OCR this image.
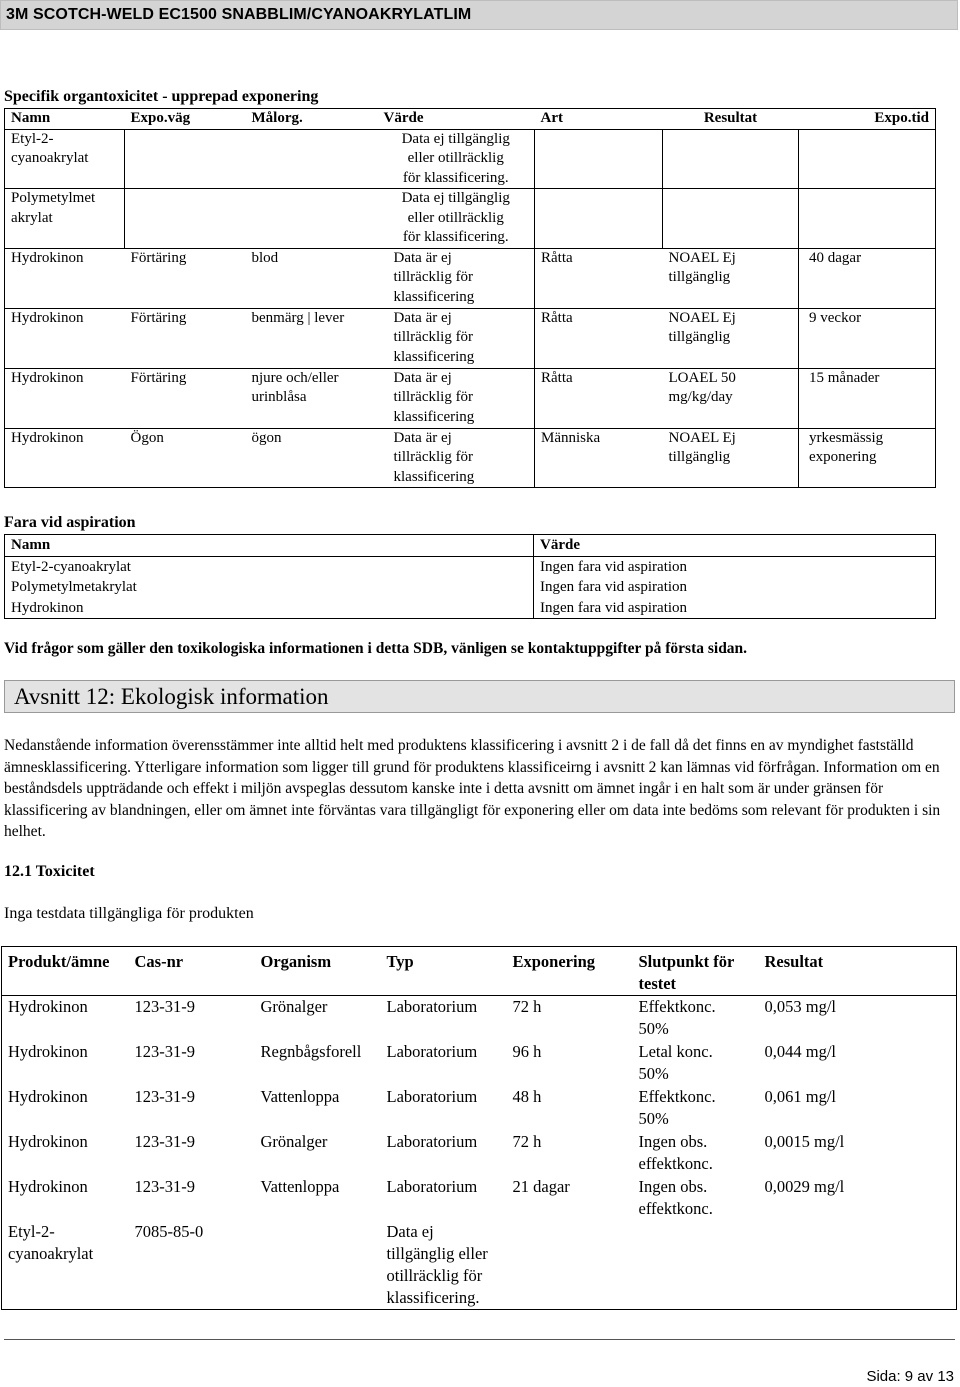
3M SCOTCH-WELD EC1500 SNABBLIM/CYANOAKRYLATLIM
Specifik organtoxicitet - upprepad exponering
Namn	Expo.väg	Målorg.	Värde	Art	Resultat	Expo.tid
Etyl-2-
cyanoakrylat			Data ej tillgänglig
eller otillräcklig
för klassificering.			
Polymetylmet
akrylat			Data ej tillgänglig
eller otillräcklig
för klassificering.			
Hydrokinon	Förtäring	blod	Data är ej
tillräcklig för
klassificering	Råtta	NOAEL Ej
tillgänglig	40 dagar
Hydrokinon	Förtäring	benmärg | lever	Data är ej
tillräcklig för
klassificering	Råtta	NOAEL Ej
tillgänglig	9 veckor
Hydrokinon	Förtäring	njure och/eller
urinblåsa	Data är ej
tillräcklig för
klassificering	Råtta	LOAEL 50
mg/kg/day	15 månader
Hydrokinon	Ögon	ögon	Data är ej
tillräcklig för
klassificering	Människa	NOAEL Ej
tillgänglig	yrkesmässig
exponering
Fara vid aspiration
Namn	Värde
Etyl-2-cyanoakrylat	Ingen fara vid aspiration
Polymetylmetakrylat	Ingen fara vid aspiration
Hydrokinon	Ingen fara vid aspiration
Vid frågor som gäller den toxikologiska informationen i detta SDB, vänligen se kontaktuppgifter på första sidan.
Avsnitt 12: Ekologisk information
Nedanstående information överensstämmer inte alltid helt med produktens klassificering i avsnitt 2 i de fall då det finns en av myndighet fastställd ämnesklassificering. Ytterligare information som ligger till grund för produktens klassificeirng i avsnitt 2 kan lämnas vid förfrågan. Information om en beståndsdels uppträdande och effekt i miljön avspeglas dessutom kanske inte i detta avsnitt om ämnet ingår i en halt som är under gränsen för klassificering av blandningen, eller om ämnet inte förväntas vara tillgängligt för exponering eller om data inte bedöms som relevant för produkten i sin helhet.
12.1 Toxicitet
Inga testdata tillgängliga för produkten
Produkt/ämne	Cas-nr	Organism	Typ	Exponering	Slutpunkt för
testet	Resultat
Hydrokinon	123-31-9	Grönalger	Laboratorium	72 h	Effektkonc.
50%	0,053 mg/l
Hydrokinon	123-31-9	Regnbågsforell	Laboratorium	96 h	Letal konc.
50%	0,044 mg/l
Hydrokinon	123-31-9	Vattenloppa	Laboratorium	48 h	Effektkonc.
50%	0,061 mg/l
Hydrokinon	123-31-9	Grönalger	Laboratorium	72 h	Ingen obs.
effektkonc.	0,0015 mg/l
Hydrokinon	123-31-9	Vattenloppa	Laboratorium	21 dagar	Ingen obs.
effektkonc.	0,0029 mg/l
Etyl-2-
cyanoakrylat	7085-85-0		Data ej
tillgänglig eller
otillräcklig för
klassificering.			
Sida: 9 av 13
